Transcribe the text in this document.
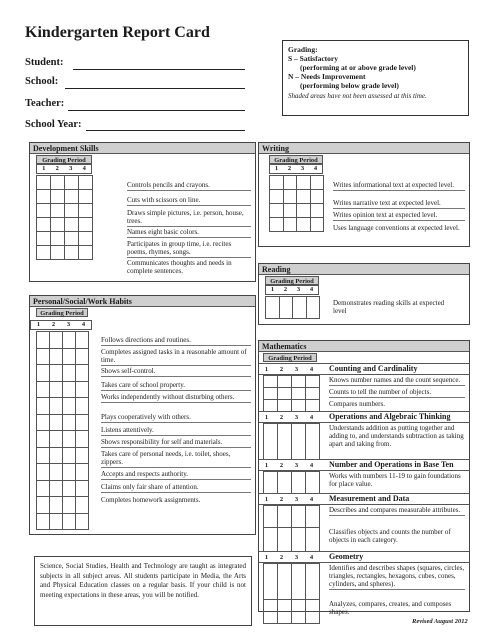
Kindergarten Report Card
Student:
School:
Teacher:
School Year:
Grading:
S – Satisfactory
(performing at or above grade level)
N – Needs Improvement
(performing below grade level)
Shaded areas have not been assessed at this time.
Development Skills
Grading Period
1	2	3	4
Controls pencils and crayons.
Cuts with scissors on line.
Draws simple pictures, i.e. person, house, trees.
Names eight basic colors.
Participates in group time, i.e. recites poems, rhymes, songs.
Communicates thoughts and needs in complete sentences.
Personal/Social/Work Habits
Grading Period
1	2	3	4
Follows directions and routines.
Completes assigned tasks in a reasonable amount of time.
Shows self-control.
Takes care of school property.
Works independently without disturbing others.
Plays cooperatively with others.
Listens attentively.
Shows responsibility for self and materials.
Takes care of personal needs, i.e. toilet, shoes, zippers.
Accepts and respects authority.
Claims only fair share of attention.
Completes homework assignments.
Science, Social Studies, Health and Technology are taught as integrated subjects in all subject areas. All students participate in Media, the Arts and Physical Education classes on a regular basis. If your child is not meeting expectations in these areas, you will be notified.
Writing
Grading Period
1	2	3	4
Writes informational text at expected level.
Writes narrative text at expected level.
Writes opinion text at expected level.
Uses language conventions at expected level.
Reading
Grading Period
1	2	3	4
Demonstrates reading skills at expected level
Mathematics
Grading Period
1	2	3	4	Counting and Cardinality
Knows number names and the count sequence.
Counts to tell the number of objects.
Compares numbers.
1	2	3	4	Operations and Algebraic Thinking
Understands addition as putting together and adding to, and understands subtraction as taking apart and taking from.
1	2	3	4	Number and Operations in Base Ten
Works with numbers 11-19 to gain foundations for place value.
1	2	3	4	Measurement and Data
Describes and compares measurable attributes.
Classifies objects and counts the number of objects in each category.
1	2	3	4	Geometry
Identifies and describes shapes (squares, circles, triangles, rectangles, hexagons, cubes, cones, cylinders, and spheres).
Analyzes, compares, creates, and composes shapes.
Revised August 2012
